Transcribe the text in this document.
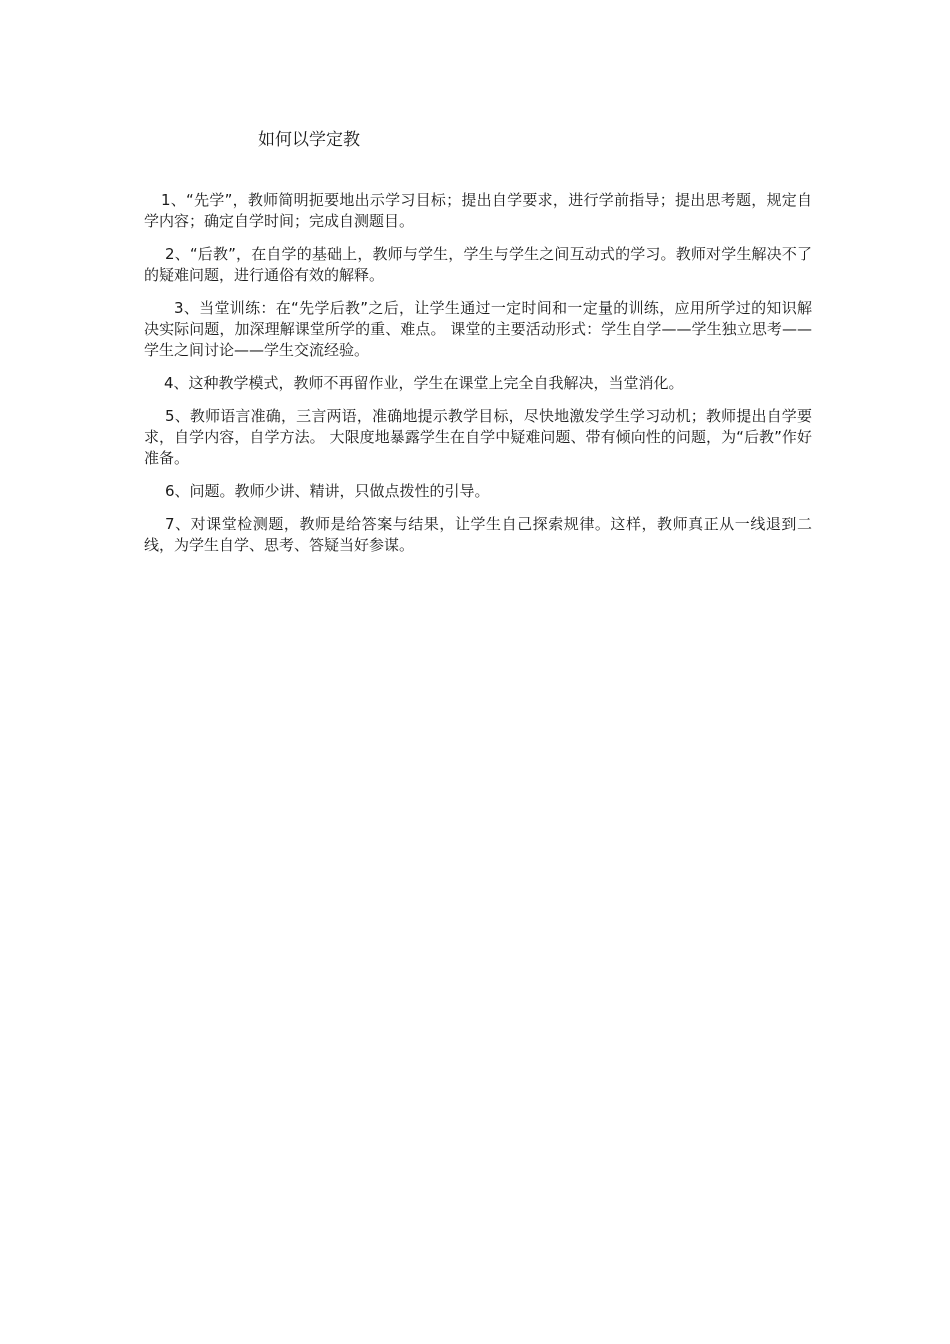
如何以学定教

1、“先学”，教师简明扼要地出示学习目标；提出自学要求，进行学前指导；提出思考题，规定自学内容；确定自学时间；完成自测题目。

2、“后教”，在自学的基础上，教师与学生，学生与学生之间互动式的学习。教师对学生解决不了的疑难问题，进行通俗有效的解释。

3、当堂训练：在“先学后教”之后，让学生通过一定时间和一定量的训练，应用所学过的知识解决实际问题，加深理解课堂所学的重、难点。 课堂的主要活动形式：学生自学——学生独立思考——学生之间讨论——学生交流经验。

4、这种教学模式，教师不再留作业，学生在课堂上完全自我解决，当堂消化。

5、教师语言准确，三言两语，准确地提示教学目标，尽快地激发学生学习动机；教师提出自学要求，自学内容，自学方法。 大限度地暴露学生在自学中疑难问题、带有倾向性的问题，为“后教”作好准备。

6、问题。教师少讲、精讲，只做点拨性的引导。

7、对课堂检测题，教师是给答案与结果，让学生自己探索规律。这样，教师真正从一线退到二线，为学生自学、思考、答疑当好参谋。
